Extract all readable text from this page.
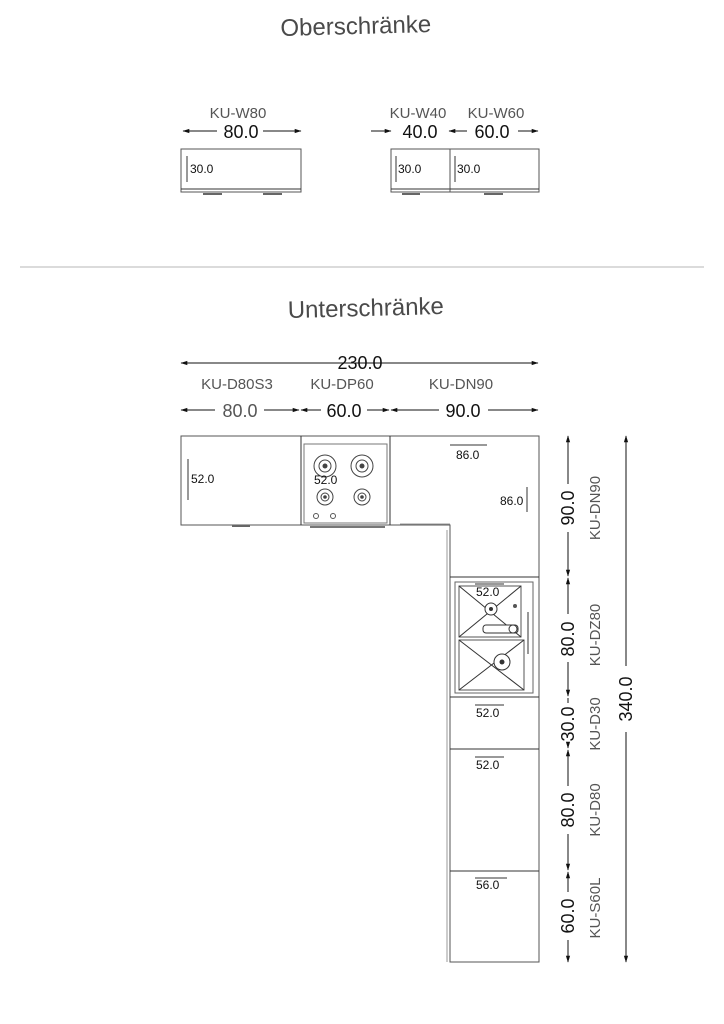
Oberschränke
KU-W80
80.0
30.0
KU-W40 KU-W60
40.0 60.0
30.0	30.0
Unterschränke
230.0
KU-D80S3 KU-DP60	KU-DN90
80.0	60.0	90.0
52.0	52.0
86.0
86.0
52.0
52.0
52.0
56.0
90.0 KU-DN90
80.0 KU-DZ80
30.0 KU-D30
80.0 KU-D80
60.0 KU-S60L
340.0
